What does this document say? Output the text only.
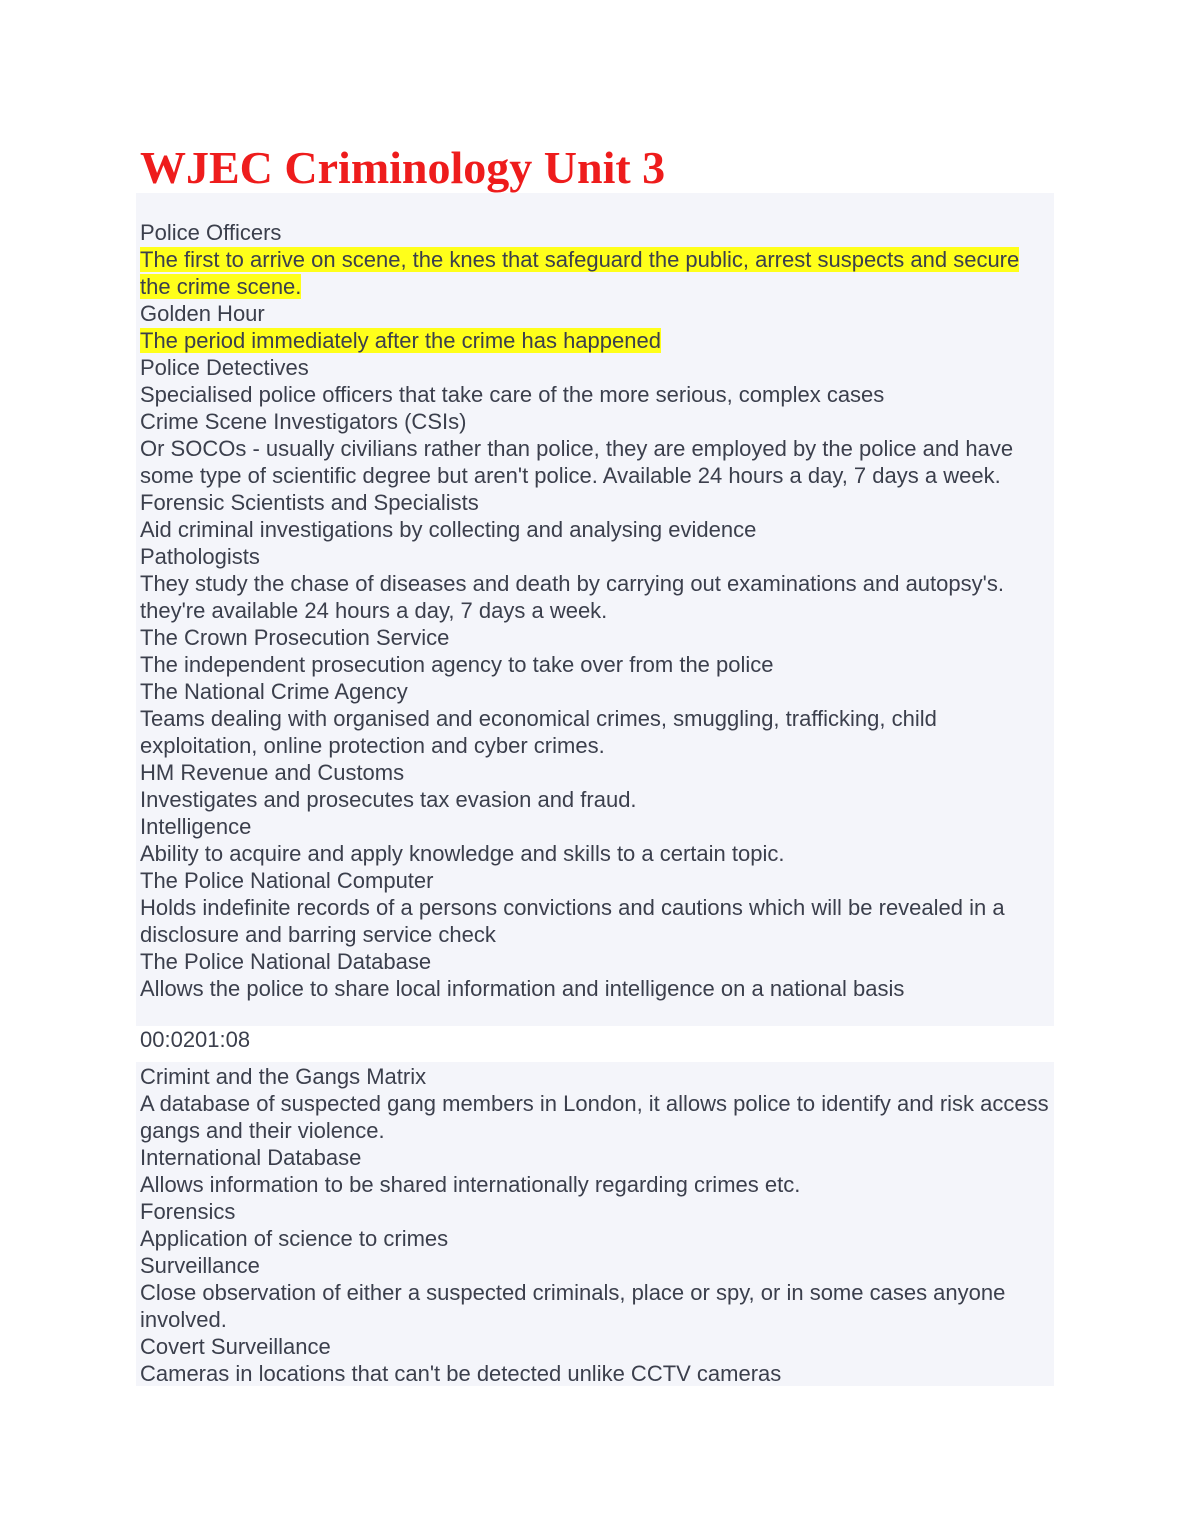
WJEC Criminology Unit 3

Police Officers

The first to arrive on scene, the knes that safeguard the public, arrest suspects and secure the crime scene.

Golden Hour

The period immediately after the crime has happened

Police Detectives

Specialised police officers that take care of the more serious, complex cases

Crime Scene Investigators (CSIs)

Or SOCOs - usually civilians rather than police, they are employed by the police and have some type of scientific degree but aren't police. Available 24 hours a day, 7 days a week.

Forensic Scientists and Specialists

Aid criminal investigations by collecting and analysing evidence

Pathologists

They study the chase of diseases and death by carrying out examinations and autopsy's. they're available 24 hours a day, 7 days a week.

The Crown Prosecution Service

The independent prosecution agency to take over from the police

The National Crime Agency

Teams dealing with organised and economical crimes, smuggling, trafficking, child exploitation, online protection and cyber crimes.

HM Revenue and Customs

Investigates and prosecutes tax evasion and fraud.

Intelligence

Ability to acquire and apply knowledge and skills to a certain topic.

The Police National Computer

Holds indefinite records of a persons convictions and cautions which will be revealed in a disclosure and barring service check

The Police National Database

Allows the police to share local information and intelligence on a national basis

00:0201:08

Crimint and the Gangs Matrix

A database of suspected gang members in London, it allows police to identify and risk access gangs and their violence.

International Database

Allows information to be shared internationally regarding crimes etc.

Forensics

Application of science to crimes

Surveillance

Close observation of either a suspected criminals, place or spy, or in some cases anyone involved.

Covert Surveillance

Cameras in locations that can't be detected unlike CCTV cameras
